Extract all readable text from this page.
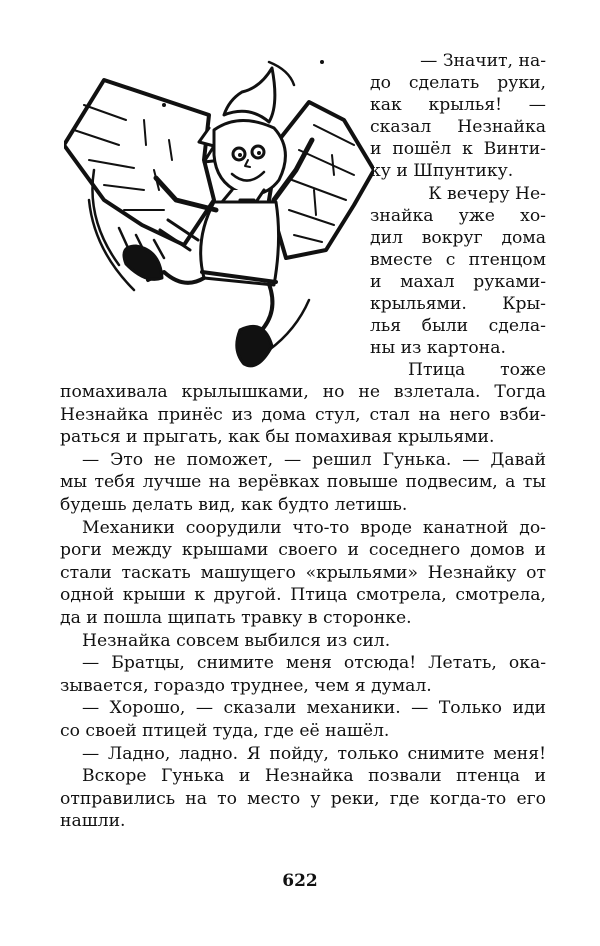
— Значит, на-
до сделать руки,
как крылья! —
сказал Незнайка
и пошёл к Винти-
ку и Шпунтику.
К вечеру Не-
знайка уже хо-
дил вокруг дома
вместе с птенцом
и махал руками-
крыльями. Кры-
лья были сдела-
ны из картона.
Птица тоже
помахивала крылышками, но не взлетала. Тогда
Незнайка принёс из дома стул, стал на него взби-
раться и прыгать, как бы помахивая крыльями.
— Это не поможет, — решил Гунька. — Давай
мы тебя лучше на верёвках повыше подвесим, а ты
будешь делать вид, как будто летишь.
Механики соорудили что-то вроде канатной до-
роги между крышами своего и соседнего домов и
стали таскать машущего «крыльями» Незнайку от
одной крыши к другой. Птица смотрела, смотрела,
да и пошла щипать травку в сторонке.
Незнайка совсем выбился из сил.
— Братцы, снимите меня отсюда! Летать, ока-
зывается, гораздо труднее, чем я думал.
— Хорошо, — сказали механики. — Только иди
со своей птицей туда, где её нашёл.
— Ладно, ладно. Я пойду, только снимите меня!
Вскоре Гунька и Незнайка позвали птенца и
отправились на то место у реки, где когда-то его
нашли.
622
